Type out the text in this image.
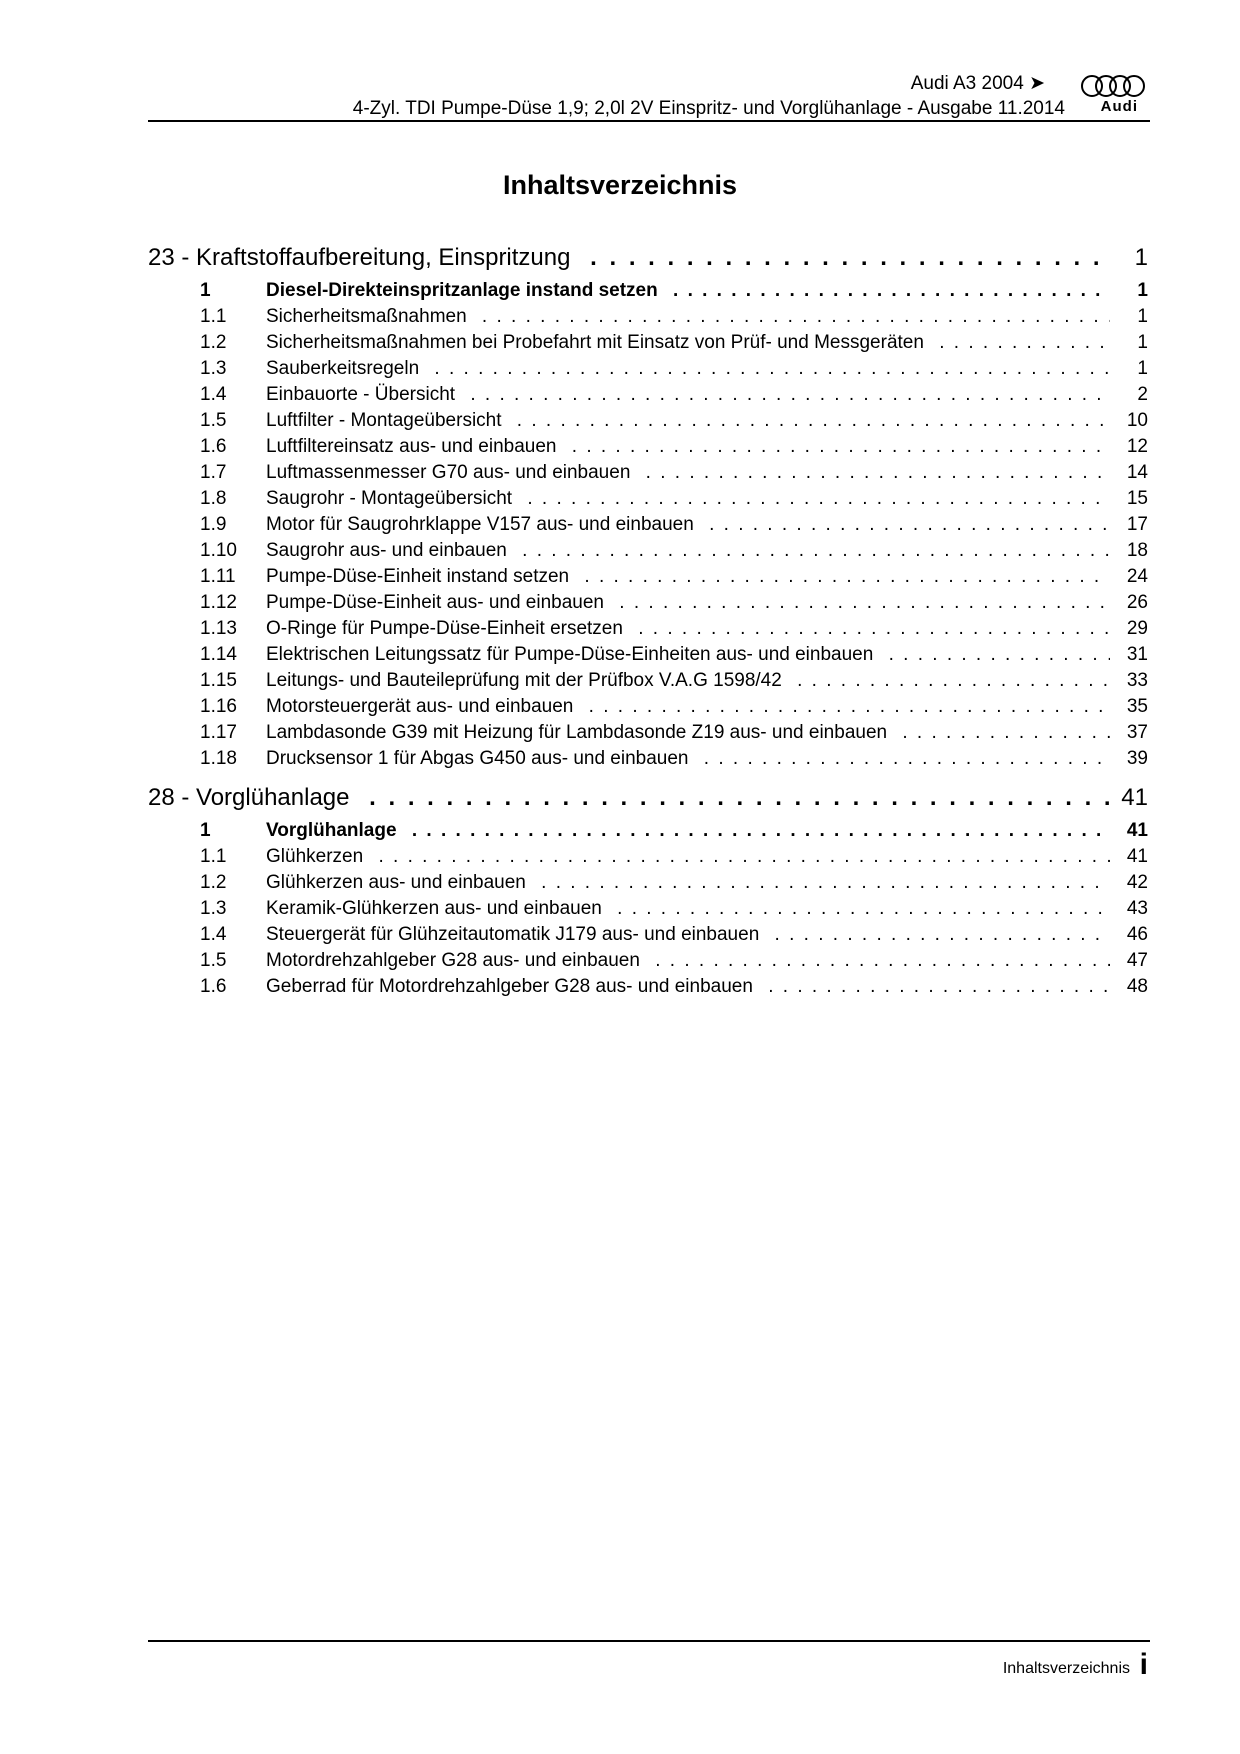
Audi A3 2004 ➤
4-Zyl. TDI Pumpe-Düse 1,9; 2,0l 2V Einspritz- und Vorglühanlage - Ausgabe 11.2014 Audi
Inhaltsverzeichnis
23 - Kraftstoffaufbereitung, Einspritzung . . .	1
1	Diesel-Direkteinspritzanlage instand setzen . . .	1
1.1 Sicherheitsmaßnahmen . . .	1
1.2 Sicherheitsmaßnahmen bei Probefahrt mit Einsatz von Prüf- und Messgeräten . . .	1
1.3 Sauberkeitsregeln . . .	1
1.4 Einbauorte - Übersicht . . .	2
1.5 Luftfilter - Montageübersicht . . .	10
1.6 Luftfiltereinsatz aus- und einbauen . . .	12
1.7 Luftmassenmesser G70 aus- und einbauen . . .	14
1.8 Saugrohr - Montageübersicht . . .	15
1.9 Motor für Saugrohrklappe V157 aus- und einbauen . . .	17
1.10 Saugrohr aus- und einbauen . . .	18
1.11 Pumpe-Düse-Einheit instand setzen . . .	24
1.12 Pumpe-Düse-Einheit aus- und einbauen . . .	26
1.13 O-Ringe für Pumpe-Düse-Einheit ersetzen . . .	29
1.14 Elektrischen Leitungssatz für Pumpe-Düse-Einheiten aus- und einbauen . . .	31
1.15 Leitungs- und Bauteileprüfung mit der Prüfbox V.A.G 1598/42 . . .	33
1.16 Motorsteuergerät aus- und einbauen . . .	35
1.17 Lambdasonde G39 mit Heizung für Lambdasonde Z19 aus- und einbauen . . .	37
1.18 Drucksensor 1 für Abgas G450 aus- und einbauen . . .	39
28 - Vorglühanlage . . .	41
1	Vorglühanlage . . .	41
1.1 Glühkerzen . . .	41
1.2 Glühkerzen aus- und einbauen . . .	42
1.3 Keramik-Glühkerzen aus- und einbauen . . .	43
1.4 Steuergerät für Glühzeitautomatik J179 aus- und einbauen . . .	46
1.5 Motordrehzahlgeber G28 aus- und einbauen . . .	47
1.6 Geberrad für Motordrehzahlgeber G28 aus- und einbauen . . .	48
Inhaltsverzeichnis i
